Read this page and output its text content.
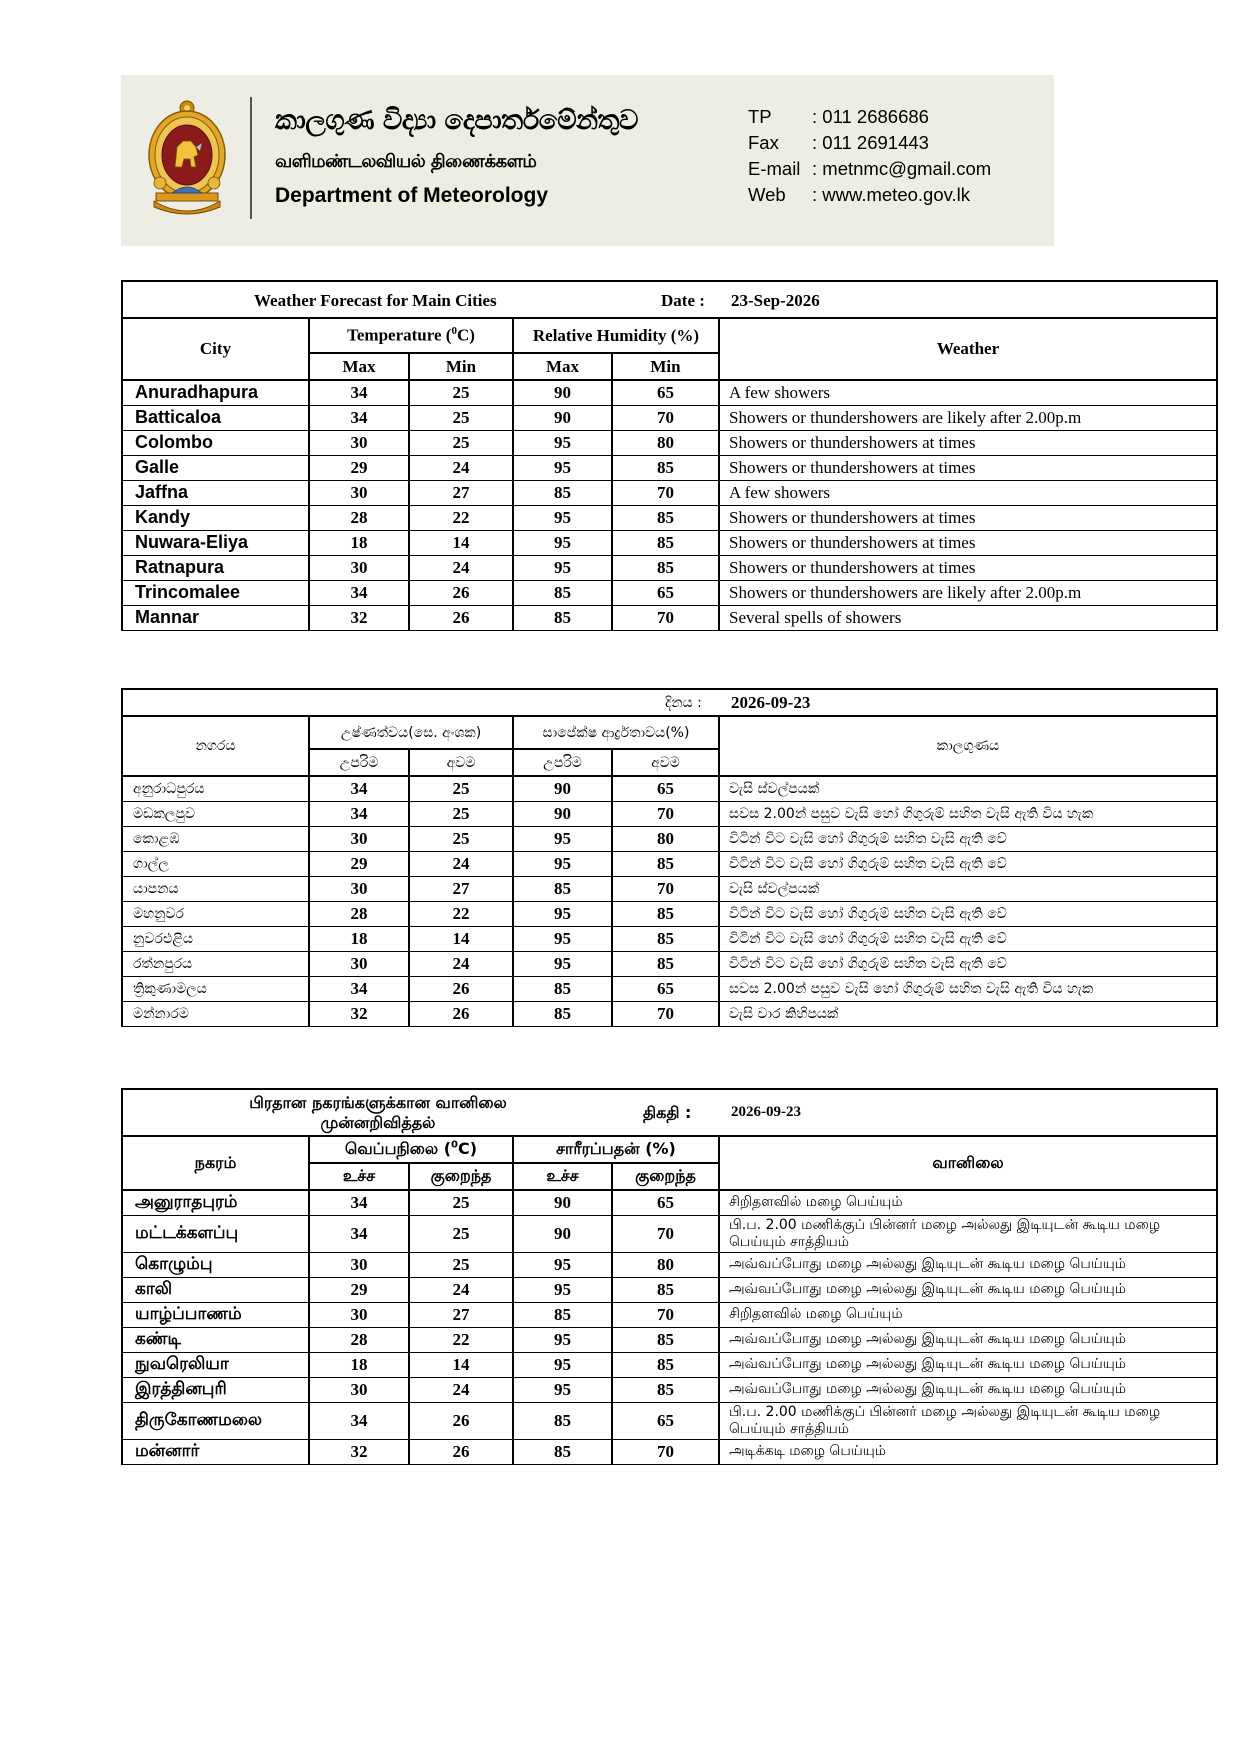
කාලගුණ විද්‍යා දෙපාර්තමේන්තුව
வளிமண்டலவியல் திணைக்களம்
Department of Meteorology
TP	: 011 2686686
Fax	: 011 2691443
E-mail : metnmc@gmail.com
Web	: www.meteo.gov.lk
Weather Forecast for Main Cities Date : 23-Sep-2026					

City	Temperature ($^0$C)		Relative Humidity (%)		Weather
	Max	Min	Max	Min	
Anuradhapura	34	25	90	65	A few showers
Batticaloa	34	25	90	70	Showers or thundershowers are likely after 2.00p.m
Colombo	30	25	95	80	Showers or thundershowers at times
Galle	29	24	95	85	Showers or thundershowers at times
Jaffna	30	27	85	70	A few showers
Kandy	28	22	95	85	Showers or thundershowers at times
Nuwara-Eliya	18	14	95	85	Showers or thundershowers at times
Ratnapura	30	24	95	85	Showers or thundershowers at times
Trincomalee	34	26	85	65	Showers or thundershowers are likely after 2.00p.m
Mannar	32	26	85	70	Several spells of showers
දිනය : 2026-09-23					

නගරය	උෂ්ණත්වය(සෙ. අංශක)		සාපේක්ෂ ආර්ද්‍රතාවය(%)		කාලගුණය
	උපරිම	අවම	උපරිම	අවම	
අනුරාධපුරය	34	25	90	65	වැසි ස්වල්පයක්
මඩකලපුව	34	25	90	70	සවස 2.00න් පසුව වැසි හෝ ගිගුරුම් සහිත වැසි ඇති විය හැක
කොළඹ	30	25	95	80	විටින් විට වැසි හෝ ගිගුරුම් සහිත වැසි ඇති වේ
ගාල්ල	29	24	95	85	විටින් විට වැසි හෝ ගිගුරුම් සහිත වැසි ඇති වේ
යාපනය	30	27	85	70	වැසි ස්වල්පයක්
මහනුවර	28	22	95	85	විටින් විට වැසි හෝ ගිගුරුම් සහිත වැසි ඇති වේ
නුවරඑළිය	18	14	95	85	විටින් විට වැසි හෝ ගිගුරුම් සහිත වැසි ඇති වේ
රත්නපුරය	30	24	95	85	විටින් විට වැසි හෝ ගිගුරුම් සහිත වැසි ඇති වේ
ත්‍රිකුණාමලය	34	26	85	65	සවස 2.00න් පසුව වැසි හෝ ගිගුරුම් සහිත වැසි ඇති විය හැක
මන්නාරම	32	26	85	70	වැසි වාර කිහිපයක්
பிரதான நகரங்களுக்கான வானிலை
முன்னறிவித்தல்
திகதி : 2026-09-23					

நகரம்	வெப்பநிலை ($^0$C)		சாரீரப்பதன் (%)		வானிலை
	உச்ச	குறைந்த	உச்ச	குறைந்த	
அனுராதபுரம்	34	25	90	65	சிறிதளவில் மழை பெய்யும்
மட்டக்களப்பு	34	25	90	70	பி.ப. 2.00 மணிக்குப் பின்னர் மழை அல்லது இடியுடன் கூடிய மழை பெய்யும் சாத்தியம்
கொழும்பு	30	25	95	80	அவ்வப்போது மழை அல்லது இடியுடன் கூடிய மழை பெய்யும்
காலி	29	24	95	85	அவ்வப்போது மழை அல்லது இடியுடன் கூடிய மழை பெய்யும்
யாழ்ப்பாணம்	30	27	85	70	சிறிதளவில் மழை பெய்யும்
கண்டி	28	22	95	85	அவ்வப்போது மழை அல்லது இடியுடன் கூடிய மழை பெய்யும்
நுவரெலியா	18	14	95	85	அவ்வப்போது மழை அல்லது இடியுடன் கூடிய மழை பெய்யும்
இரத்தினபுரி	30	24	95	85	அவ்வப்போது மழை அல்லது இடியுடன் கூடிய மழை பெய்யும்
திருகோணமலை	34	26	85	65	பி.ப. 2.00 மணிக்குப் பின்னர் மழை அல்லது இடியுடன் கூடிய மழை பெய்யும் சாத்தியம்
மன்னார்	32	26	85	70	அடிக்கடி மழை பெய்யும்
